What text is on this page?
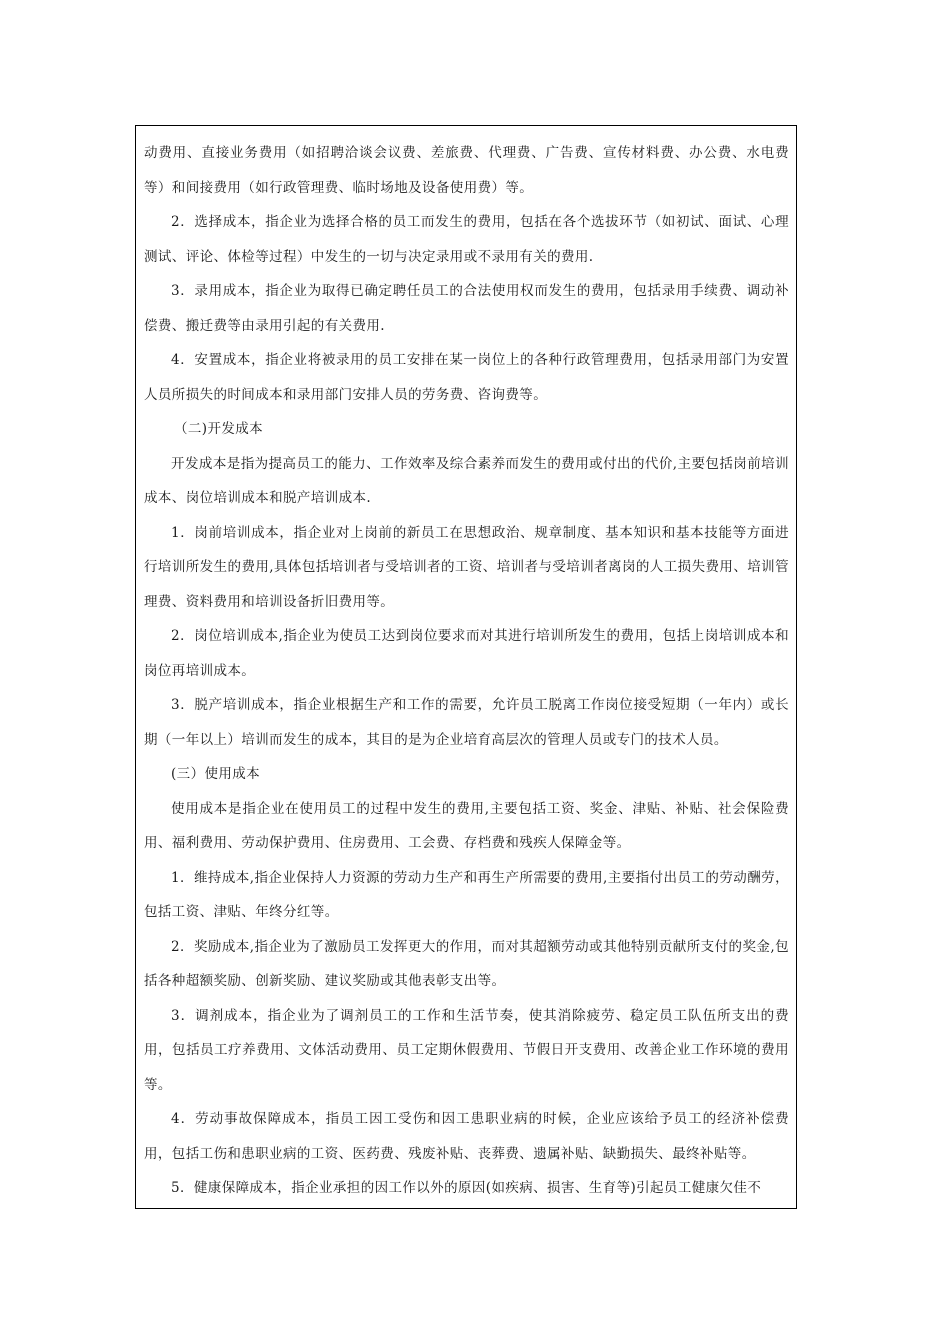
动费用、直接业务费用（如招聘洽谈会议费、差旅费、代理费、广告费、宣传材料费、办公费、水电费等）和间接费用（如行政管理费、临时场地及设备使用费）等。

2．选择成本，指企业为选择合格的员工而发生的费用，包括在各个选拔环节（如初试、面试、心理测试、评论、体检等过程）中发生的一切与决定录用或不录用有关的费用.

3．录用成本，指企业为取得已确定聘任员工的合法使用权而发生的费用，包括录用手续费、调动补偿费、搬迁费等由录用引起的有关费用.

4．安置成本，指企业将被录用的员工安排在某一岗位上的各种行政管理费用，包括录用部门为安置人员所损失的时间成本和录用部门安排人员的劳务费、咨询费等。

（二)开发成本

开发成本是指为提高员工的能力、工作效率及综合素养而发生的费用或付出的代价,主要包括岗前培训成本、岗位培训成本和脱产培训成本.

1．岗前培训成本，指企业对上岗前的新员工在思想政治、规章制度、基本知识和基本技能等方面进行培训所发生的费用,具体包括培训者与受培训者的工资、培训者与受培训者离岗的人工损失费用、培训管理费、资料费用和培训设备折旧费用等。

2．岗位培训成本,指企业为使员工达到岗位要求而对其进行培训所发生的费用，包括上岗培训成本和岗位再培训成本。

3．脱产培训成本，指企业根据生产和工作的需要，允许员工脱离工作岗位接受短期（一年内）或长期（一年以上）培训而发生的成本，其目的是为企业培育高层次的管理人员或专门的技术人员。

(三）使用成本

使用成本是指企业在使用员工的过程中发生的费用,主要包括工资、奖金、津贴、补贴、社会保险费用、福利费用、劳动保护费用、住房费用、工会费、存档费和残疾人保障金等。

1．维持成本,指企业保持人力资源的劳动力生产和再生产所需要的费用,主要指付出员工的劳动酬劳，包括工资、津贴、年终分红等。

2．奖励成本,指企业为了激励员工发挥更大的作用，而对其超额劳动或其他特别贡献所支付的奖金,包括各种超额奖励、创新奖励、建议奖励或其他表彰支出等。

3．调剂成本，指企业为了调剂员工的工作和生活节奏，使其消除疲劳、稳定员工队伍所支出的费用，包括员工疗养费用、文体活动费用、员工定期休假费用、节假日开支费用、改善企业工作环境的费用等。

4．劳动事故保障成本，指员工因工受伤和因工患职业病的时候，企业应该给予员工的经济补偿费用，包括工伤和患职业病的工资、医药费、残废补贴、丧葬费、遗属补贴、缺勤损失、最终补贴等。

5．健康保障成本，指企业承担的因工作以外的原因(如疾病、损害、生育等)引起员工健康欠佳不
